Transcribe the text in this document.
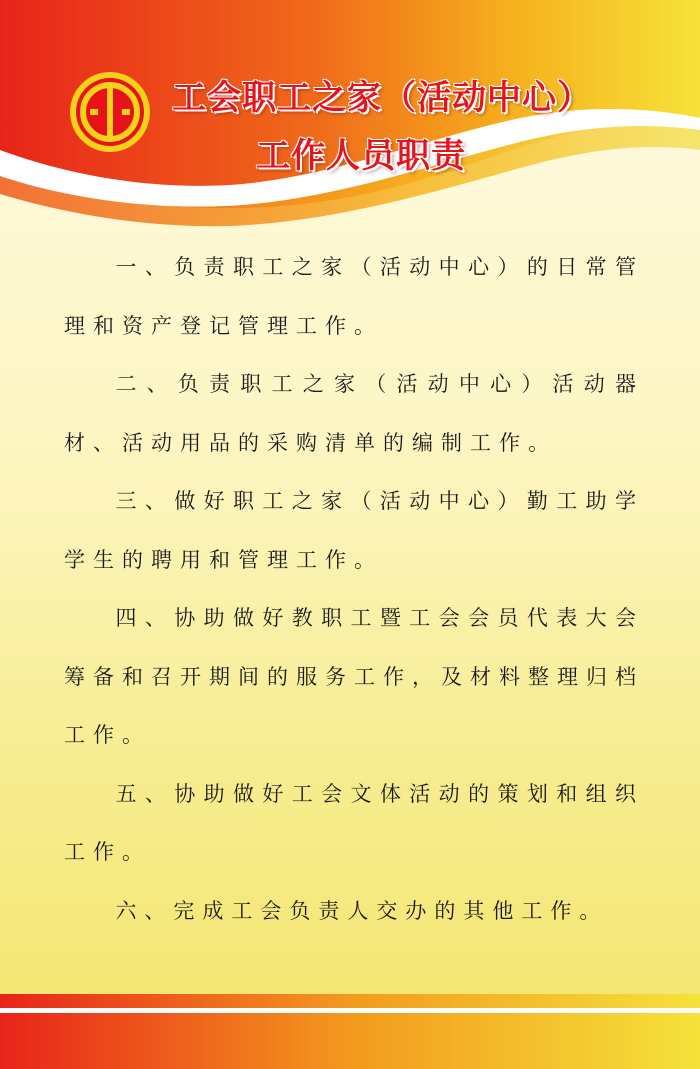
工会职工之家（活动中心）
工作人员职责

一、负责职工之家（活动中心）的日常管理和资产登记管理工作。

二、负责职工之家（活动中心）活动器材、活动用品的采购清单的编制工作。

三、做好职工之家（活动中心）勤工助学学生的聘用和管理工作。

四、协助做好教职工暨工会会员代表大会筹备和召开期间的服务工作，及材料整理归档工作。

五、协助做好工会文体活动的策划和组织工作。

六、完成工会负责人交办的其他工作。
